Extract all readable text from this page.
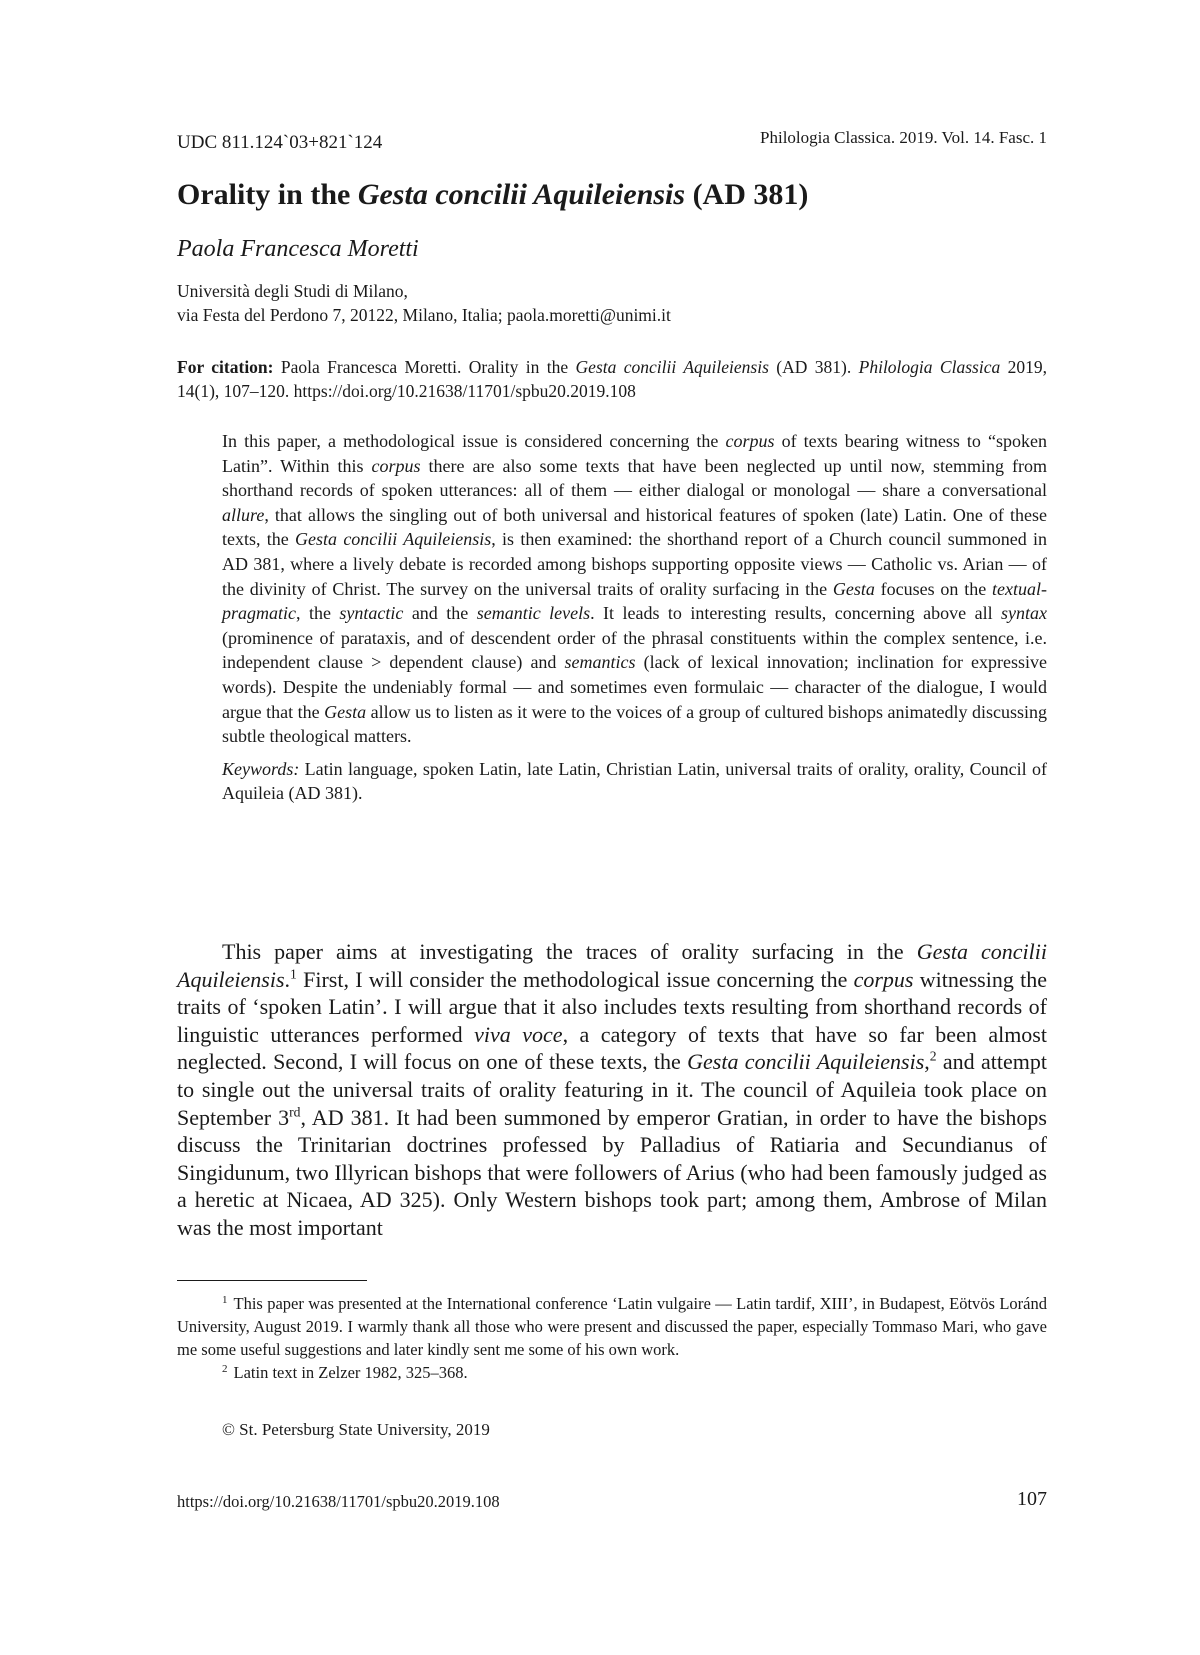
UDC 811.124`03+821`124	Philologia Classica. 2019. Vol. 14. Fasc. 1
Orality in the Gesta concilii Aquileiensis (AD 381)
Paola Francesca Moretti
Università degli Studi di Milano,
via Festa del Perdono 7, 20122, Milano, Italia; paola.moretti@unimi.it
For citation: Paola Francesca Moretti. Orality in the Gesta concilii Aquileiensis (AD 381). Philologia Classica 2019, 14(1), 107–120. https://doi.org/10.21638/11701/spbu20.2019.108

In this paper, a methodological issue is considered concerning the corpus of texts bearing witness to “spoken Latin”. Within this corpus there are also some texts that have been neglected up until now, stemming from shorthand records of spoken utterances: all of them — either dialogal or monologal — share a conversational allure, that allows the singling out of both universal and historical features of spoken (late) Latin. One of these texts, the Gesta concilii Aquileiensis, is then examined: the shorthand report of a Church council summoned in AD 381, where a lively debate is recorded among bishops supporting opposite views — Catholic vs. Arian — of the divinity of Christ. The survey on the universal traits of orality surfacing in the Gesta focuses on the textual-pragmatic, the syntactic and the semantic levels. It leads to interesting results, concerning above all syntax (prominence of parataxis, and of descendent order of the phrasal constituents within the complex sentence, i.e. independent clause > dependent clause) and semantics (lack of lexical innovation; inclination for expressive words). Despite the undeniably formal — and sometimes even formulaic — character of the dialogue, I would argue that the Gesta allow us to listen as it were to the voices of a group of cultured bishops animatedly discussing subtle theological matters.

Keywords: Latin language, spoken Latin, late Latin, Christian Latin, universal traits of orality, orality, Council of Aquileia (AD 381).

This paper aims at investigating the traces of orality surfacing in the Gesta concilii Aquileiensis.$^1$ First, I will consider the methodological issue concerning the corpus witnessing the traits of ‘spoken Latin’. I will argue that it also includes texts resulting from shorthand records of linguistic utterances performed viva voce, a category of texts that have so far been almost neglected. Second, I will focus on one of these texts, the Gesta concilii Aquileiensis,$^2$ and attempt to single out the universal traits of orality featuring in it. The council of Aquileia took place on September 3rd, AD 381. It had been summoned by emperor Gratian, in order to have the bishops discuss the Trinitarian doctrines professed by Palladius of Ratiaria and Secundianus of Singidunum, two Illyrican bishops that were followers of Arius (who had been famously judged as a heretic at Nicaea, AD 325). Only Western bishops took part; among them, Ambrose of Milan was the most important

$^1$ This paper was presented at the International conference ‘Latin vulgaire — Latin tardif, XIII’, in Budapest, Eötvös Loránd University, August 2019. I warmly thank all those who were present and discussed the paper, especially Tommaso Mari, who gave me some useful suggestions and later kindly sent me some of his own work.

$^2$ Latin text in Zelzer 1982, 325–368.

© St. Petersburg State University, 2019
https://doi.org/10.21638/11701/spbu20.2019.108	107
